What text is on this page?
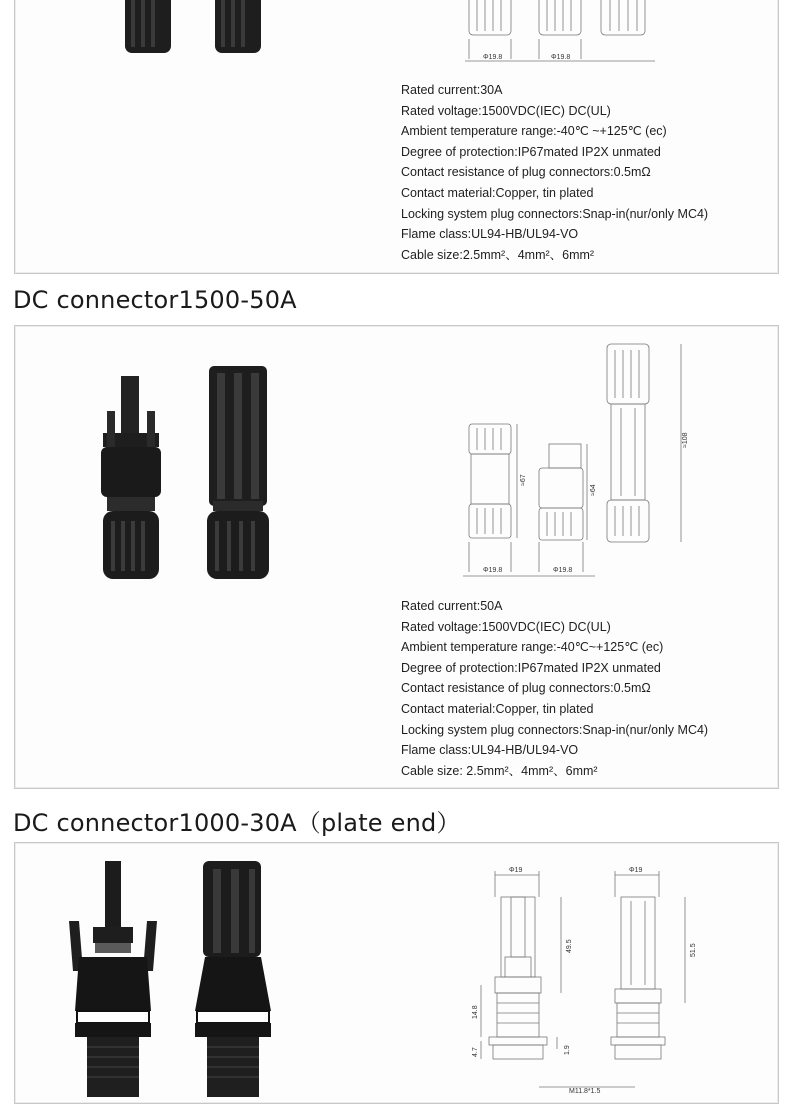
Φ19.8	Φ19.8
Rated current:30A
Rated voltage:1500VDC(IEC) DC(UL)
Ambient temperature range:-40℃ ~+125℃ (ec)
Degree of protection:IP67mated IP2X unmated
Contact resistance of plug connectors:0.5mΩ
Contact material:Copper, tin plated
Locking system plug connectors:Snap-in(nur/only MC4)
Flame class:UL94-HB/UL94-VO
Cable size:2.5mm²、4mm²、6mm²
DC connector1500-50A
Φ19.8	Φ19.8
≈67
≈64
≈108
Rated current:50A
Rated voltage:1500VDC(IEC) DC(UL)
Ambient temperature range:-40℃~+125℃ (ec)
Degree of protection:IP67mated IP2X unmated
Contact resistance of plug connectors:0.5mΩ
Contact material:Copper, tin plated
Locking system plug connectors:Snap-in(nur/only MC4)
Flame class:UL94-HB/UL94-VO
Cable size: 2.5mm²、4mm²、6mm²
DC connector1000-30A（plate end）
Φ19	Φ19
49.5	51.5
14.8
1.9
4.7
M11.8*1.5
